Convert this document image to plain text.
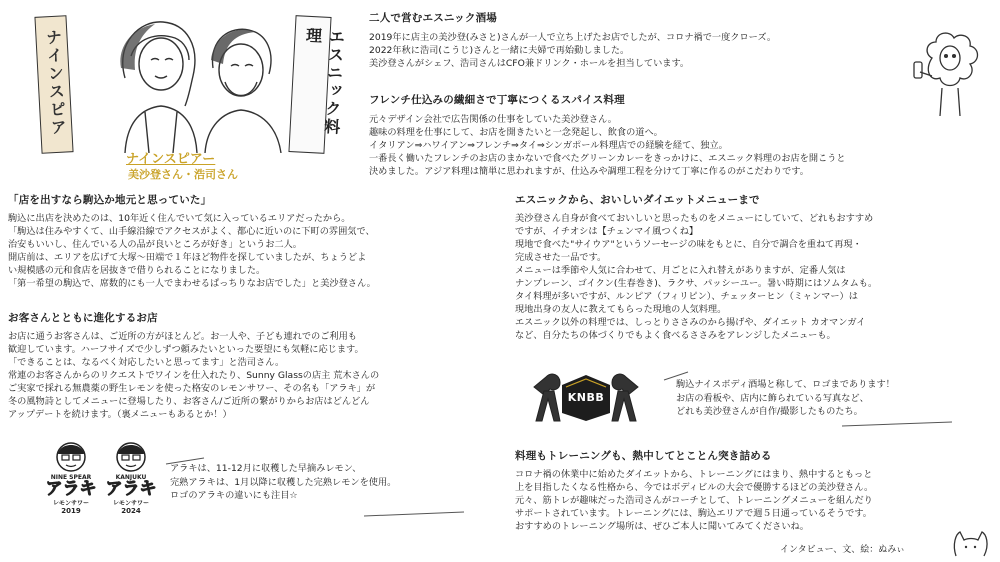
ナインスピア	エスニック料理
ナインスピアー
美沙登さん・浩司さん
二人で営むエスニック酒場
2019年に店主の美沙登(みさと)さんが一人で立ち上げたお店でしたが、コロナ禍で一度クローズ。
2022年秋に浩司(こうじ)さんと一緒に夫婦で再始動しました。
美沙登さんがシェフ、浩司さんはCFO兼ドリンク・ホールを担当しています。
フレンチ仕込みの繊細さで丁寧につくるスパイス料理
元々デザイン会社で広告関係の仕事をしていた美沙登さん。
趣味の料理を仕事にして、お店を開きたいと一念発起し、飲食の道へ。
イタリアン⇒ハワイアン⇒フレンチ⇒タイ⇒シンガポール料理店での経験を経て、独立。
一番長く働いたフレンチのお店のまかないで食べたグリーンカレーをきっかけに、エスニック料理のお店を開こうと
決めました。アジア料理は簡単に思われますが、仕込みや調理工程を分けて丁寧に作るのがこだわりです。
「店を出すなら駒込か地元と思っていた」
駒込に出店を決めたのは、10年近く住んでいて気に入っているエリアだったから。
「駒込は住みやすくて、山手線沿線でアクセスがよく、都心に近いのに下町の雰囲気で、
治安もいいし、住んでいる人の品が良いところが好き」というお二人。
開店前は、エリアを広げて大塚〜田端で１年ほど物件を探していましたが、ちょうどよ
い規模感の元和食店を居抜きで借りられることになりました。
「第一希望の駒込で、席数的にも一人でまわせるぱっちりなお店でした」と美沙登さん。
お客さんとともに進化するお店
お店に通うお客さんは、ご近所の方がほとんど。お一人や、子ども連れでのご利用も
歓迎しています。ハーフサイズで少しずつ頼みたいといった要望にも気軽に応じます。
「できることは、なるべく対応したいと思ってます」と浩司さん。
常連のお客さんからのリクエストでワインを仕入れたり、Sunny Glassの店主 荒木さんの
ご実家で採れる無農薬の野生レモンを使った格安のレモンサワー、その名も「アラキ」が
冬の風物詩としてメニューに登場したり、お客さん/ご近所の繋がりからお店はどんどん
アップデートを続けます。（裏メニューもあるとか！）
NINE SPEAR
アラキ
レモンサワー
2019
KANJUKU
アラキ
レモンサワー
2024
アラキは、11-12月に収穫した早摘みレモン、
完熟アラキは、1月以降に収穫した完熟レモンを使用。
ロゴのアラキの違いにも注目☆
エスニックから、おいしいダイエットメニューまで
美沙登さん自身が食べておいしいと思ったものをメニューにしていて、どれもおすすめ
ですが、イチオシは【チェンマイ風つくね】
現地で食べた"サイウア"というソーセージの味をもとに、自分で調合を重ねて再現・
完成させた一品です。
メニューは季節や人気に合わせて、月ごとに入れ替えがありますが、定番人気は
ナンプレーン、ゴイクン(生春巻き)、ラクサ、パッシーユー。暑い時期にはソムタムも。
タイ料理が多いですが、ルンピア（フィリピン）、チェッターヒン（ミャンマー）は
現地出身の友人に教えてもらった現地の人気料理。
エスニック以外の料理では、しっとりささみのから揚げや、ダイエット カオマンガイ
など、自分たちの体づくりでもよく食べるささみをアレンジしたメニューも。
KNBB
駒込ナイスボディ酒場と称して、ロゴまであります！
お店の看板や、店内に飾られている写真など、
どれも美沙登さんが自作/撮影したものたち。
料理もトレーニングも、熱中してとことん突き詰める
コロナ禍の休業中に始めたダイエットから、トレーニングにはまり、熱中するともっと
上を目指したくなる性格から、今ではボディビルの大会で優勝するほどの美沙登さん。
元々、筋トレが趣味だった浩司さんがコーチとして、トレーニングメニューを組んだり
サポートされています。トレーニングには、駒込エリアで週５日通っているそうです。
おすすめのトレーニング場所は、ぜひご本人に聞いてみてくださいね。
インタビュー、文、絵：ぬみぃ
